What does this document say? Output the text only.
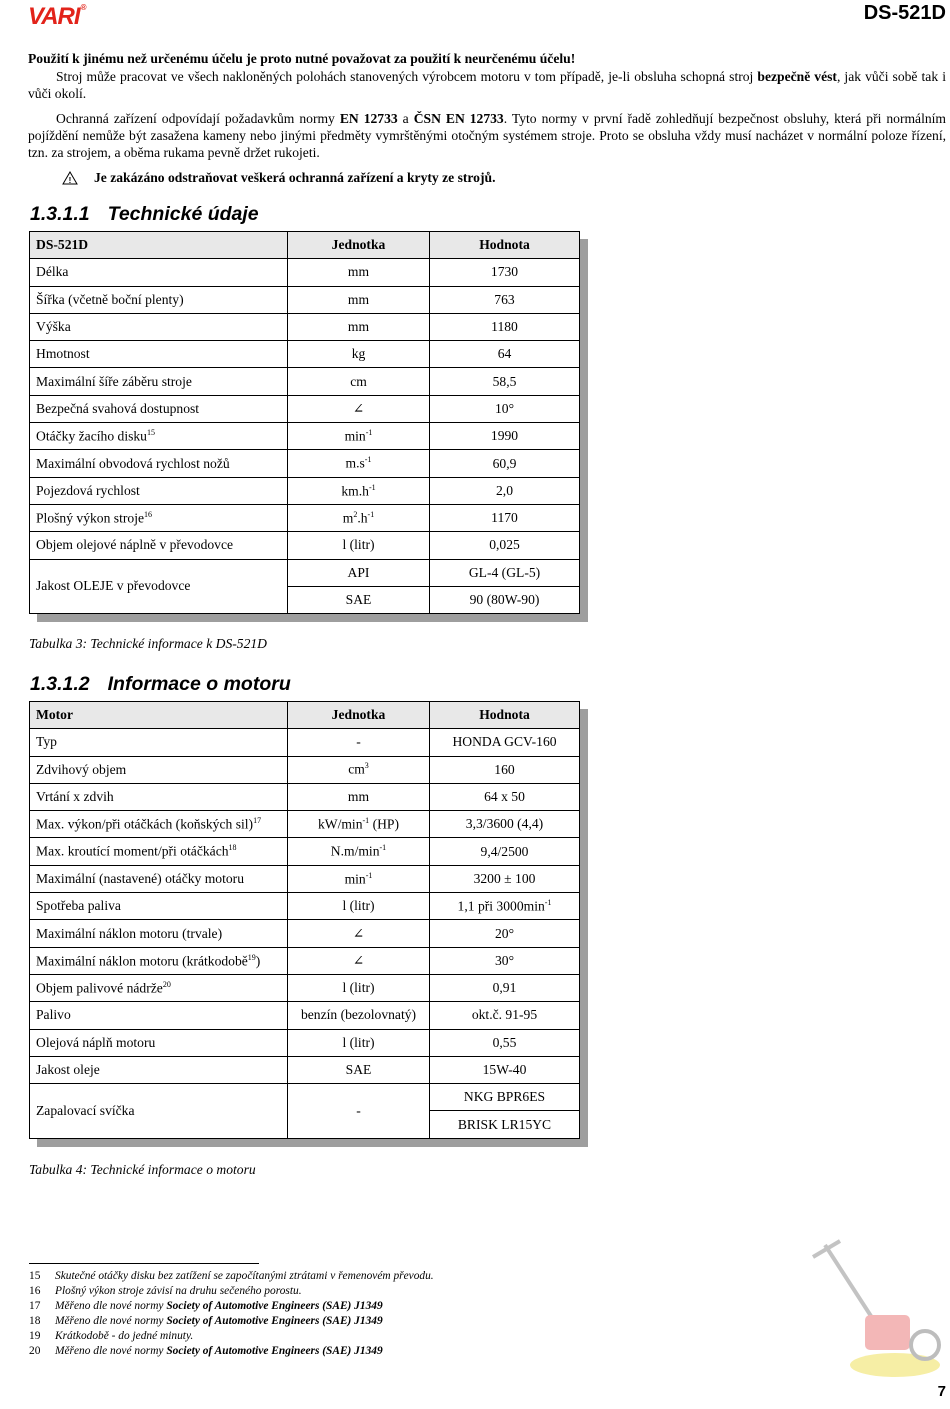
VARI®	DS-521D
Použití k jinému než určenému účelu je proto nutné považovat za použití k neurčenému účelu!
Stroj může pracovat ve všech nakloněných polohách stanovených výrobcem motoru v tom případě, je-li obsluha schopná stroj bezpečně vést, jak vůči sobě tak i vůči okolí.
Ochranná zařízení odpovídají požadavkům normy EN 12733 a ČSN EN 12733. Tyto normy v první řadě zohledňují bezpečnost obsluhy, která při normálním pojíždění nemůže být zasažena kameny nebo jinými předměty vymrštěnými otočným systémem stroje. Proto se obsluha vždy musí nacházet v normální poloze řízení, tzn. za strojem, a oběma rukama pevně držet rukojeti.
! Je zakázáno odstraňovat veškerá ochranná zařízení a kryty ze strojů.
1.3.1.1 Technické údaje
DS-521D	Jednotka	Hodnota
Délka	mm	1730
Šířka (včetně boční plenty)	mm	763
Výška	mm	1180
Hmotnost	kg	64
Maximální šíře záběru stroje	cm	58,5
Bezpečná svahová dostupnost	∠	10°
Otáčky žacího disku$^{15}$	$\min^{-1}$	1990
Maximální obvodová rychlost nožů	$m.s^{-1}$	60,9
Pojezdová rychlost	$km.h^{-1}$	2,0
Plošný výkon stroje$^{16}$	$m^2.h^{-1}$	1170
Objem olejové náplně v převodovce	l (litr)	0,025
Jakost OLEJE v převodovce	API	GL-4 (GL-5)
	SAE	90 (80W-90)
Tabulka 3: Technické informace k DS-521D
1.3.1.2 Informace o motoru
Motor	Jednotka	Hodnota
Typ	-	HONDA GCV-160
Zdvihový objem	$cm^3$	160
Vrtání x zdvih	mm	64 x 50
Max. výkon/při otáčkách (koňských sil)$^{17}$	$kW/\min^{-1}$ (HP)	3,3/3600 (4,4)
Max. kroutící moment/při otáčkách$^{18}$	$N.m/\min^{-1}$	9,4/2500
Maximální (nastavené) otáčky motoru	$\min^{-1}$	3200 ± 100
Spotřeba paliva	l (litr)	1,1 při $3000\min^{-1}$
Maximální náklon motoru (trvale)	∠	20°
Maximální náklon motoru (krátkodobě$^{19}$)	∠	30°
Objem palivové nádrže$^{20}$	l (litr)	0,91
Palivo	benzín (bezolovnatý)	okt.č. 91-95
Olejová náplň motoru	l (litr)	0,55
Jakost oleje	SAE	15W-40
Zapalovací svíčka	-	NKG BPR6ES
		BRISK LR15YC
Tabulka 4: Technické informace o motoru
15	Skutečné otáčky disku bez zatížení se započítanými ztrátami v řemenovém převodu.
16	Plošný výkon stroje závisí na druhu sečeného porostu.
17	Měřeno dle nové normy Society of Automotive Engineers (SAE) J1349
18	Měřeno dle nové normy Society of Automotive Engineers (SAE) J1349
19	Krátkodobě - do jedné minuty.
20	Měřeno dle nové normy Society of Automotive Engineers (SAE) J1349
7
